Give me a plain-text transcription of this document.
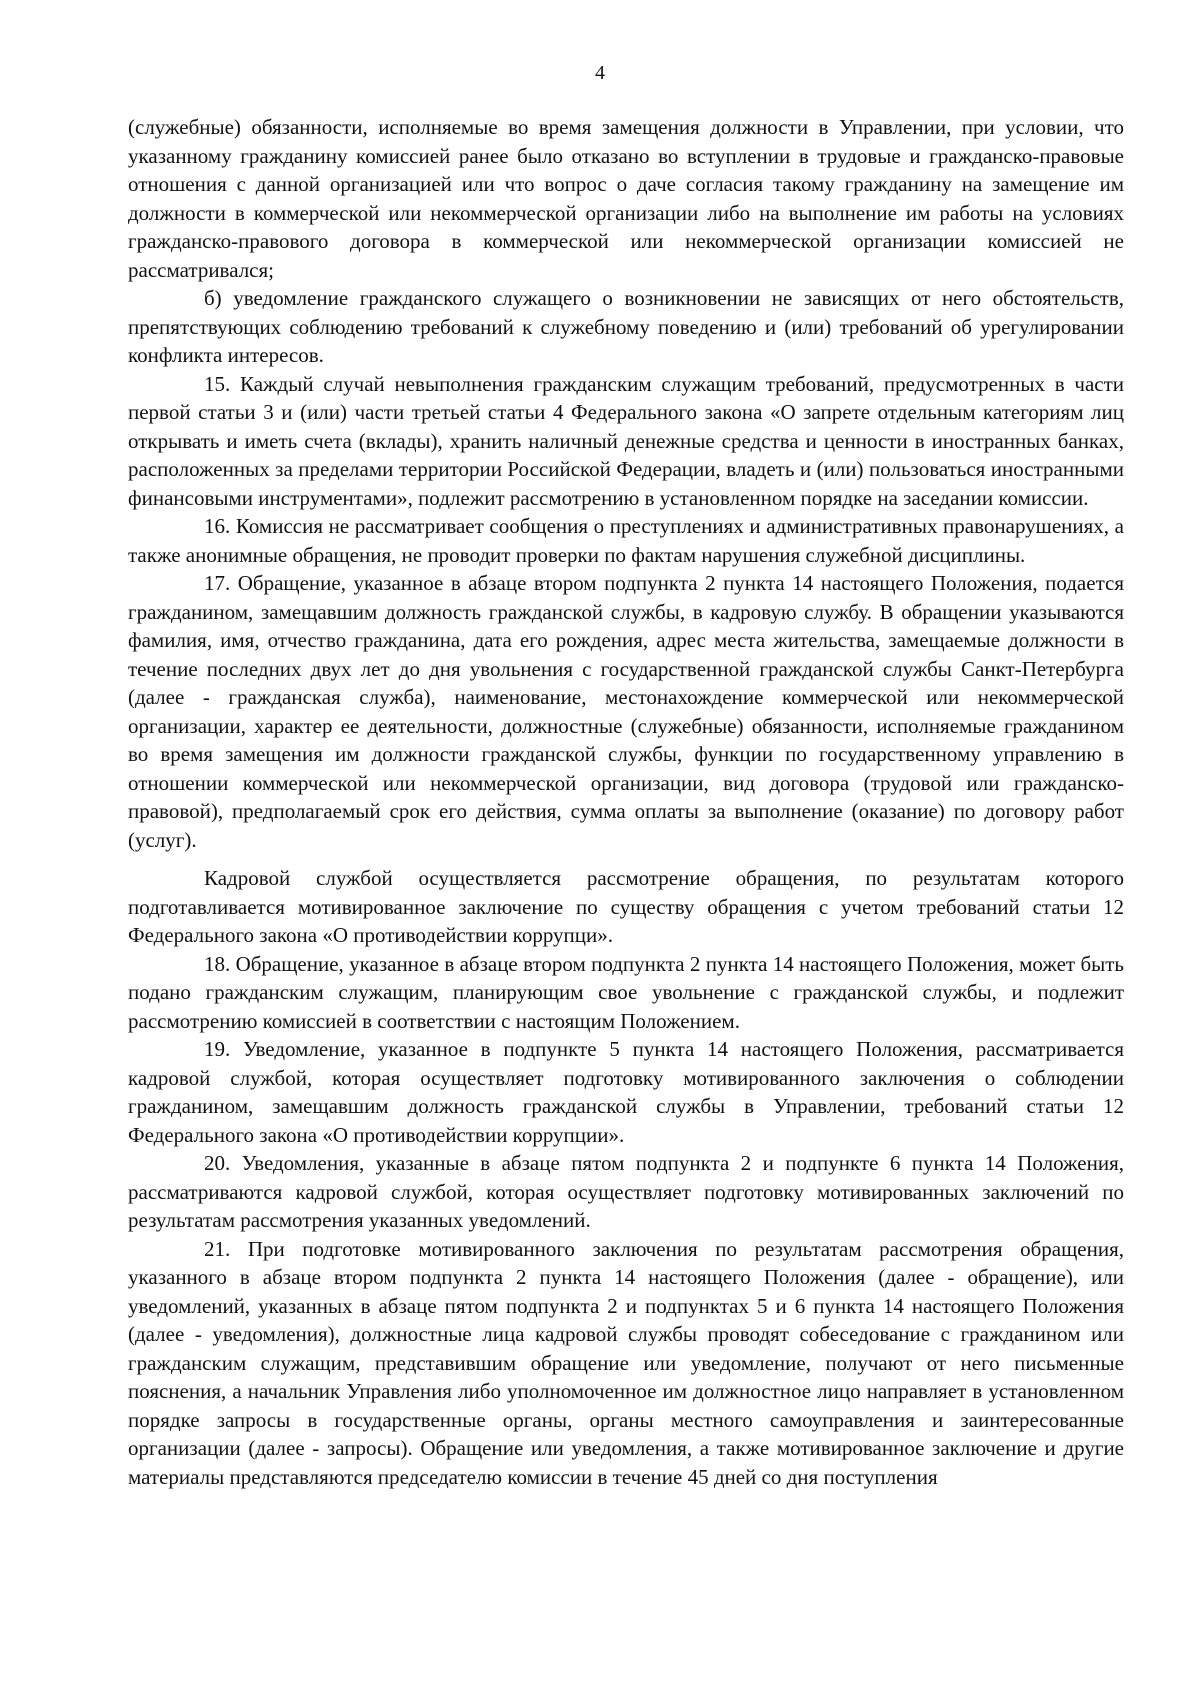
4

(служебные) обязанности, исполняемые во время замещения должности в Управлении, при условии, что указанному гражданину комиссией ранее было отказано во вступлении в трудовые и гражданско-правовые отношения с данной организацией или что вопрос о даче согласия такому гражданину на замещение им должности в коммерческой или некоммерческой организации либо на выполнение им работы на условиях гражданско-правового договора в коммерческой или некоммерческой организации комиссией не рассматривался;

б) уведомление гражданского служащего о возникновении не зависящих от него обстоятельств, препятствующих соблюдению требований к служебному поведению и (или) требований об урегулировании конфликта интересов.

15. Каждый случай невыполнения гражданским служащим требований, предусмотренных в части первой статьи 3 и (или) части третьей статьи 4 Федерального закона «О запрете отдельным категориям лиц открывать и иметь счета (вклады), хранить наличный денежные средства и ценности в иностранных банках, расположенных за пределами территории Российской Федерации, владеть и (или) пользоваться иностранными финансовыми инструментами», подлежит рассмотрению в установленном порядке на заседании комиссии.

16. Комиссия не рассматривает сообщения о преступлениях и административных правонарушениях, а также анонимные обращения, не проводит проверки по фактам нарушения служебной дисциплины.

17. Обращение, указанное в абзаце втором подпункта 2 пункта 14 настоящего Положения, подается гражданином, замещавшим должность гражданской службы, в кадровую службу. В обращении указываются фамилия, имя, отчество гражданина, дата его рождения, адрес места жительства, замещаемые должности в течение последних двух лет до дня увольнения с государственной гражданской службы Санкт-Петербурга (далее - гражданская служба), наименование, местонахождение коммерческой или некоммерческой организации, характер ее деятельности, должностные (служебные) обязанности, исполняемые гражданином во время замещения им должности гражданской службы, функции по государственному управлению в отношении коммерческой или некоммерческой организации, вид договора (трудовой или гражданско-правовой), предполагаемый срок его действия, сумма оплаты за выполнение (оказание) по договору работ (услуг).

Кадровой службой осуществляется рассмотрение обращения, по результатам которого подготавливается мотивированное заключение по существу обращения с учетом требований статьи 12 Федерального закона «О противодействии коррупци».

18. Обращение, указанное в абзаце втором подпункта 2 пункта 14 настоящего Положения, может быть подано гражданским служащим, планирующим свое увольнение с гражданской службы, и подлежит рассмотрению комиссией в соответствии с настоящим Положением.

19. Уведомление, указанное в подпункте 5 пункта 14 настоящего Положения, рассматривается кадровой службой, которая осуществляет подготовку мотивированного заключения о соблюдении гражданином, замещавшим должность гражданской службы в Управлении, требований статьи 12 Федерального закона «О противодействии коррупции».

20. Уведомления, указанные в абзаце пятом подпункта 2 и подпункте 6 пункта 14 Положения, рассматриваются кадровой службой, которая осуществляет подготовку мотивированных заключений по результатам рассмотрения указанных уведомлений.

21. При подготовке мотивированного заключения по результатам рассмотрения обращения, указанного в абзаце втором подпункта 2 пункта 14 настоящего Положения (далее - обращение), или уведомлений, указанных в абзаце пятом подпункта 2 и подпунктах 5 и 6 пункта 14 настоящего Положения (далее - уведомления), должностные лица кадровой службы проводят собеседование с гражданином или гражданским служащим, представившим обращение или уведомление, получают от него письменные пояснения, а начальник Управления либо уполномоченное им должностное лицо направляет в установленном порядке запросы в государственные органы, органы местного самоуправления и заинтересованные организации (далее - запросы). Обращение или уведомления, а также мотивированное заключение и другие материалы представляются председателю комиссии в течение 45 дней со дня поступления
